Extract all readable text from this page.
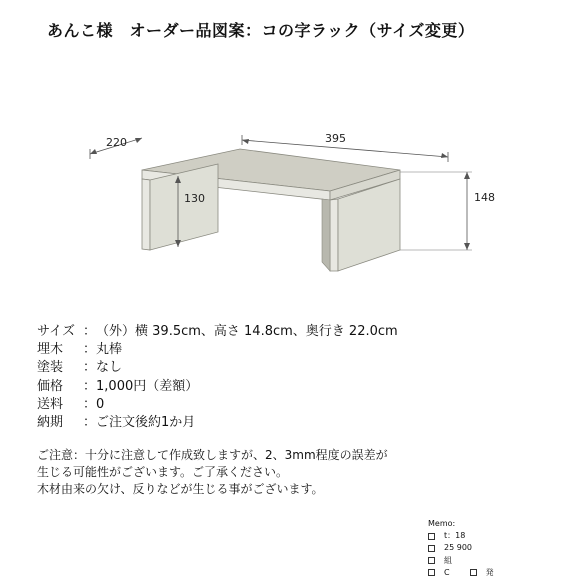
あんこ様　オーダー品図案：コの字ラック（サイズ変更）
220	395
130	148
サイズ ： （外）横 39.5cm、高さ 14.8cm、奥行き 22.0cm
埋木	： 丸棒
塗装	： なし
価格	： 1,000円（差額）
送料	： 0
納期	： ご注文後約1か月
ご注意：十分に注意して作成致しますが、2、3mm程度の誤差が
生じる可能性がございます。ご了承ください。
木材由来の欠け、反りなどが生じる事がございます。
Memo:
t：18
25 900
組
C	発
